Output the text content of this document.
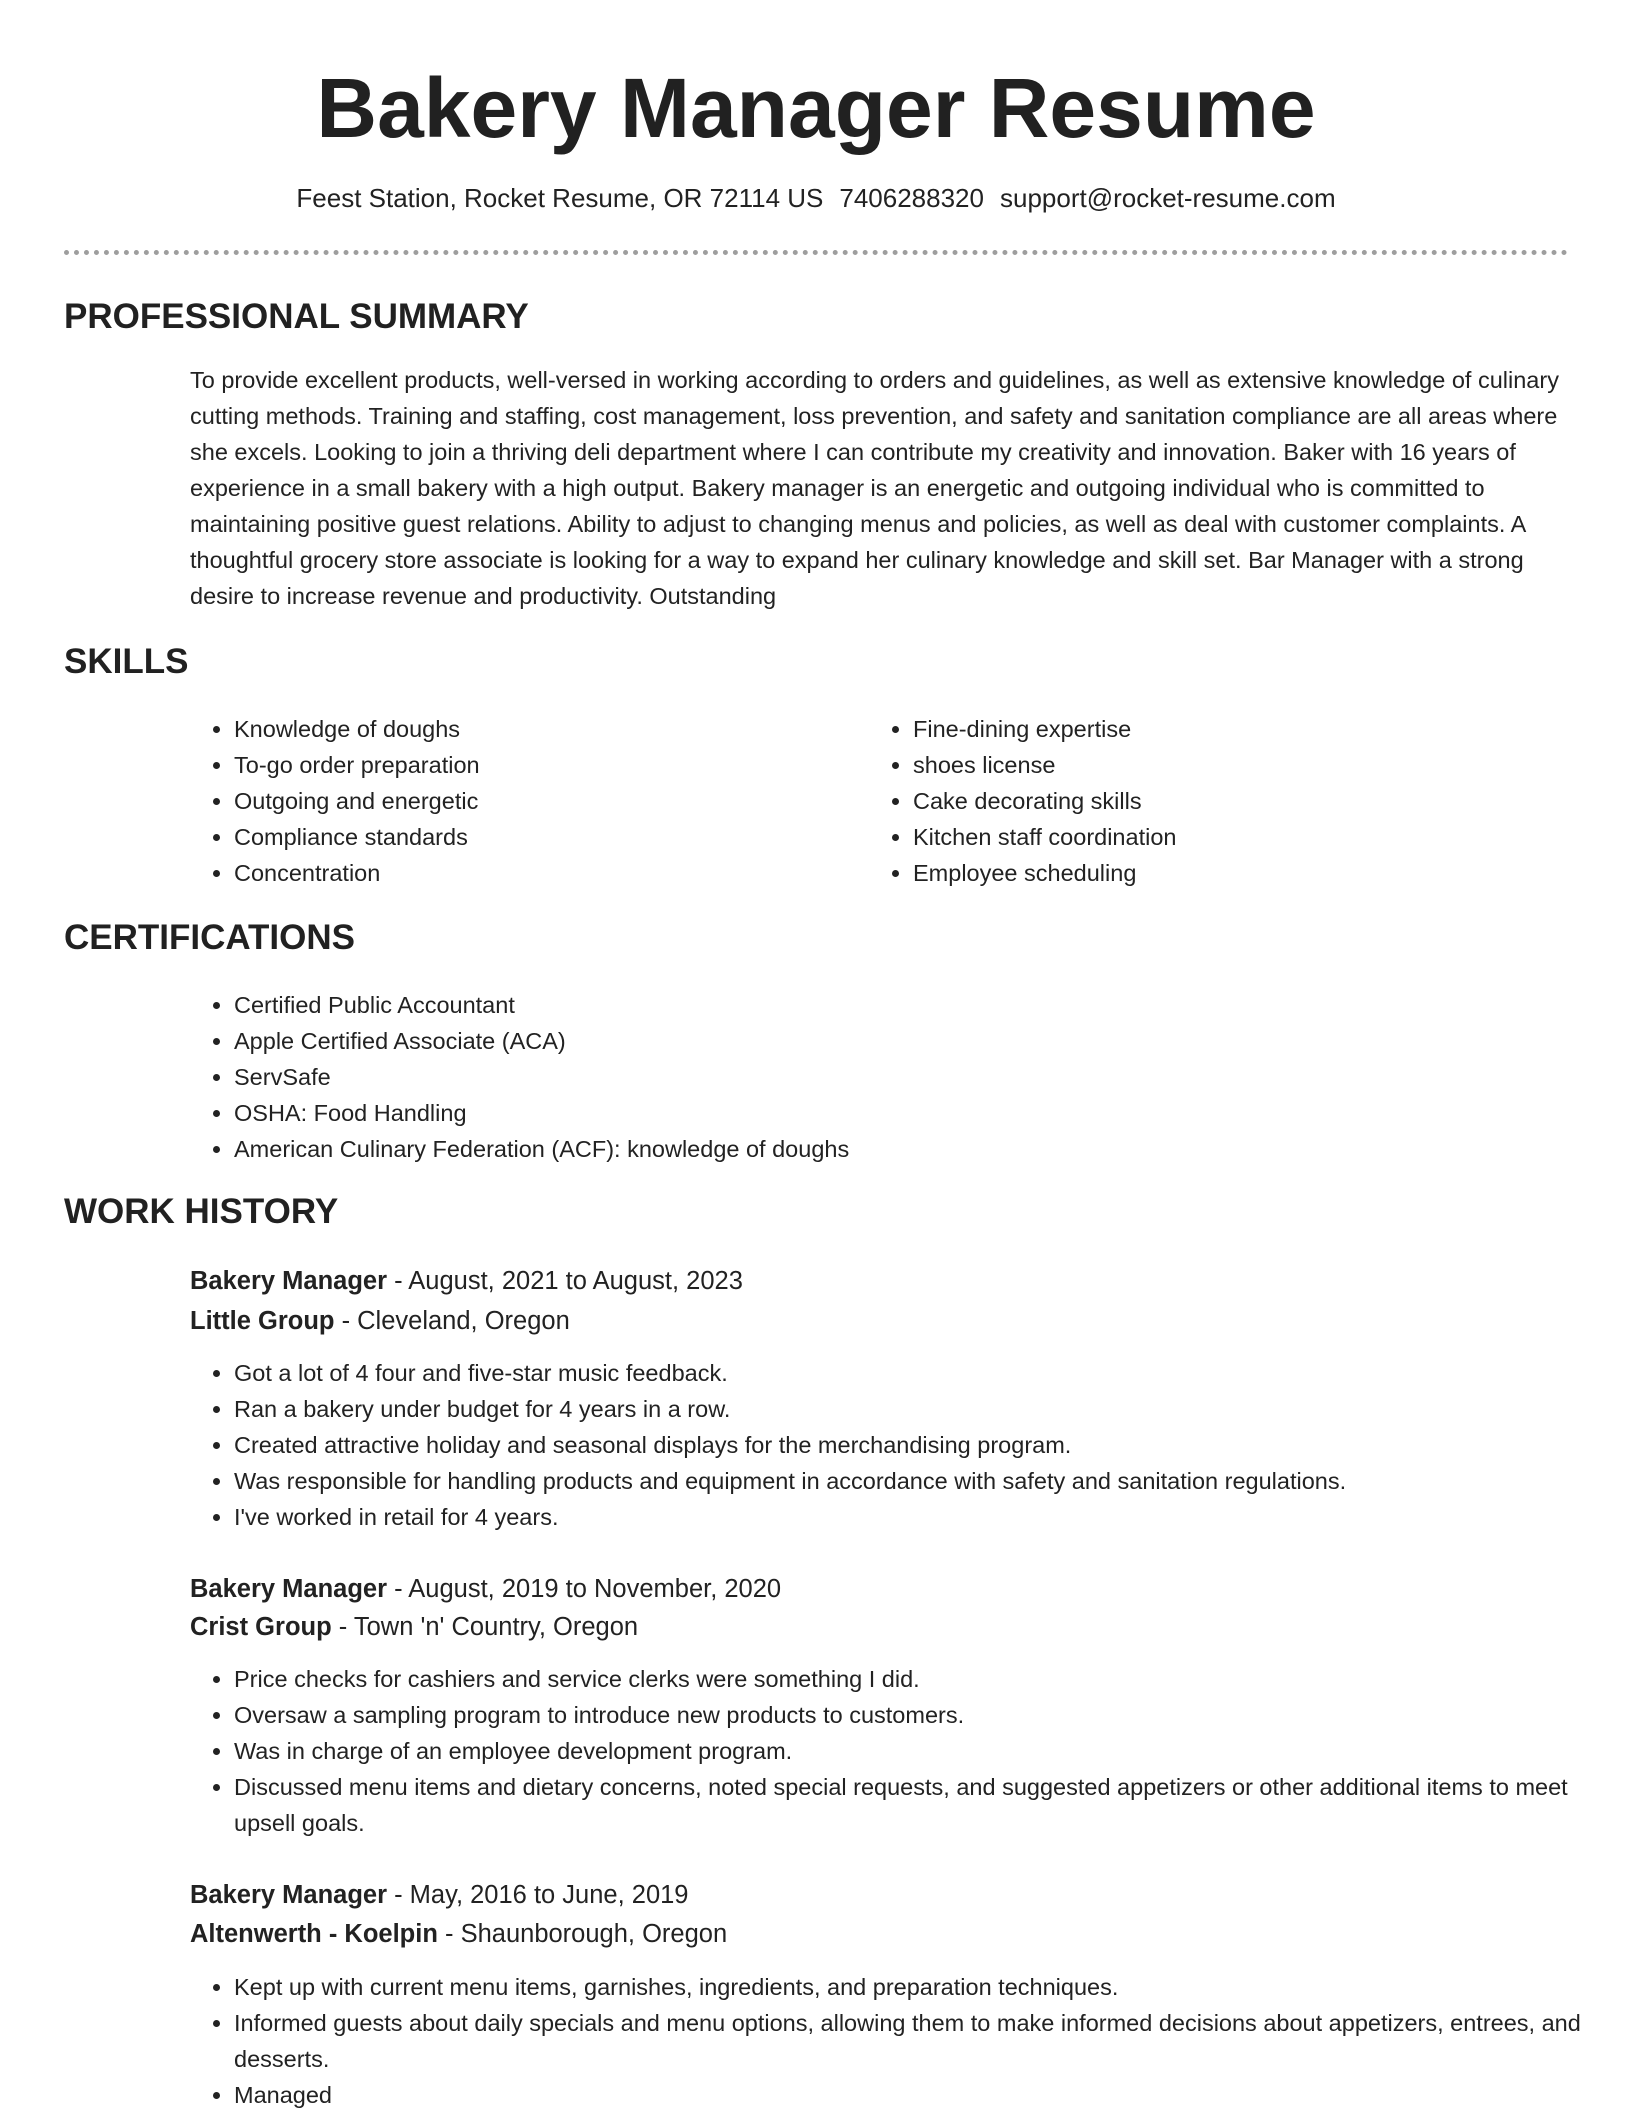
Bakery Manager Resume
Feest Station, Rocket Resume, OR 72114 US 7406288320 support@rocket-resume.com
PROFESSIONAL SUMMARY
To provide excellent products, well-versed in working according to orders and guidelines, as well as extensive knowledge of culinary cutting methods. Training and staffing, cost management, loss prevention, and safety and sanitation compliance are all areas where she excels. Looking to join a thriving deli department where I can contribute my creativity and innovation. Baker with 16 years of experience in a small bakery with a high output. Bakery manager is an energetic and outgoing individual who is committed to maintaining positive guest relations. Ability to adjust to changing menus and policies, as well as deal with customer complaints. A thoughtful grocery store associate is looking for a way to expand her culinary knowledge and skill set. Bar Manager with a strong desire to increase revenue and productivity. Outstanding
SKILLS
• Knowledge of doughs
• To-go order preparation
• Outgoing and energetic
• Compliance standards
• Concentration
• Fine-dining expertise
• shoes license
• Cake decorating skills
• Kitchen staff coordination
• Employee scheduling
CERTIFICATIONS
• Certified Public Accountant
• Apple Certified Associate (ACA)
• ServSafe
• OSHA: Food Handling
• American Culinary Federation (ACF): knowledge of doughs
WORK HISTORY
Bakery Manager - August, 2021 to August, 2023
Little Group - Cleveland, Oregon
• Got a lot of 4 four and five-star music feedback.
• Ran a bakery under budget for 4 years in a row.
• Created attractive holiday and seasonal displays for the merchandising program.
• Was responsible for handling products and equipment in accordance with safety and sanitation regulations.
• I've worked in retail for 4 years.
Bakery Manager - August, 2019 to November, 2020
Crist Group - Town 'n' Country, Oregon
• Price checks for cashiers and service clerks were something I did.
• Oversaw a sampling program to introduce new products to customers.
• Was in charge of an employee development program.
• Discussed menu items and dietary concerns, noted special requests, and suggested appetizers or other additional items to meet upsell goals.
Bakery Manager - May, 2016 to June, 2019
Altenwerth - Koelpin - Shaunborough, Oregon
• Kept up with current menu items, garnishes, ingredients, and preparation techniques.
• Informed guests about daily specials and menu options, allowing them to make informed decisions about appetizers, entrees, and desserts.
• Managed
